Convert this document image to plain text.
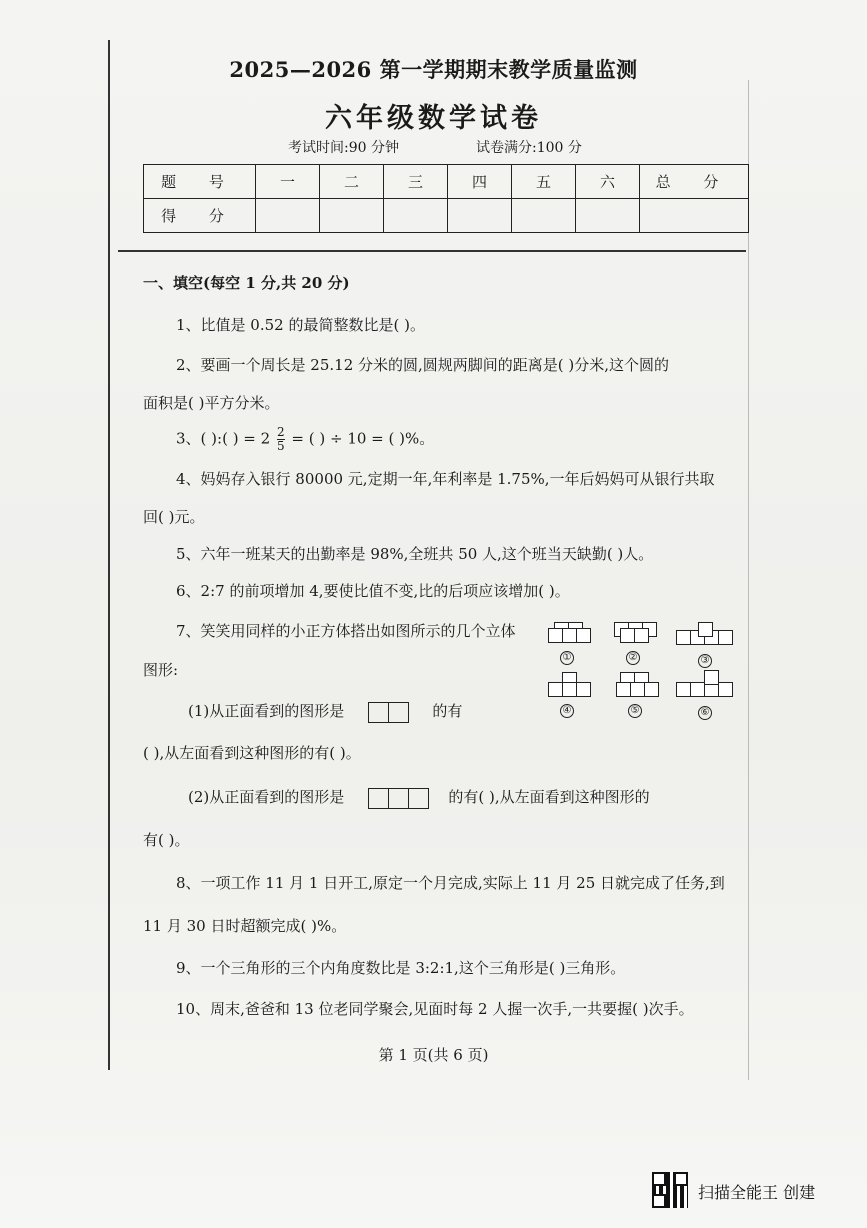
2025—2026 第一学期期末教学质量监测
六年级数学试卷
考试时间:90 分钟	试卷满分:100 分
题 号	一	二	三	四	五	六	总 分
得 分							
一、填空(每空 1 分,共 20 分)
1、比值是 0.52 的最简整数比是( )。
2、要画一个周长是 25.12 分米的圆,圆规两脚间的距离是( )分米,这个圆的
面积是( )平方分米。
3、( ):( ) = $2 \frac{2}{5}$ = ( ) ÷ 10 = ( )%。
4、妈妈存入银行 80000 元,定期一年,年利率是 1.75%,一年后妈妈可从银行共取
回( )元。
5、六年一班某天的出勤率是 98%,全班共 50 人,这个班当天缺勤( )人。
6、2:7 的前项增加 4,要使比值不变,比的后项应该增加( )。
7、笑笑用同样的小正方体搭出如图所示的几个立体
图形:
(1)从正面看到的图形是	的有
( ),从左面看到这种图形的有( )。
(2)从正面看到的图形是	的有( ),从左面看到这种图形的
有( )。
8、一项工作 11 月 1 日开工,原定一个月完成,实际上 11 月 25 日就完成了任务,到
11 月 30 日时超额完成( )%。
9、一个三角形的三个内角度数比是 3:2:1,这个三角形是( )三角形。
10、周末,爸爸和 13 位老同学聚会,见面时每 2 人握一次手,一共要握( )次手。
①	②	③
④	⑤	⑥
第 1 页(共 6 页)
扫描全能王 创建
